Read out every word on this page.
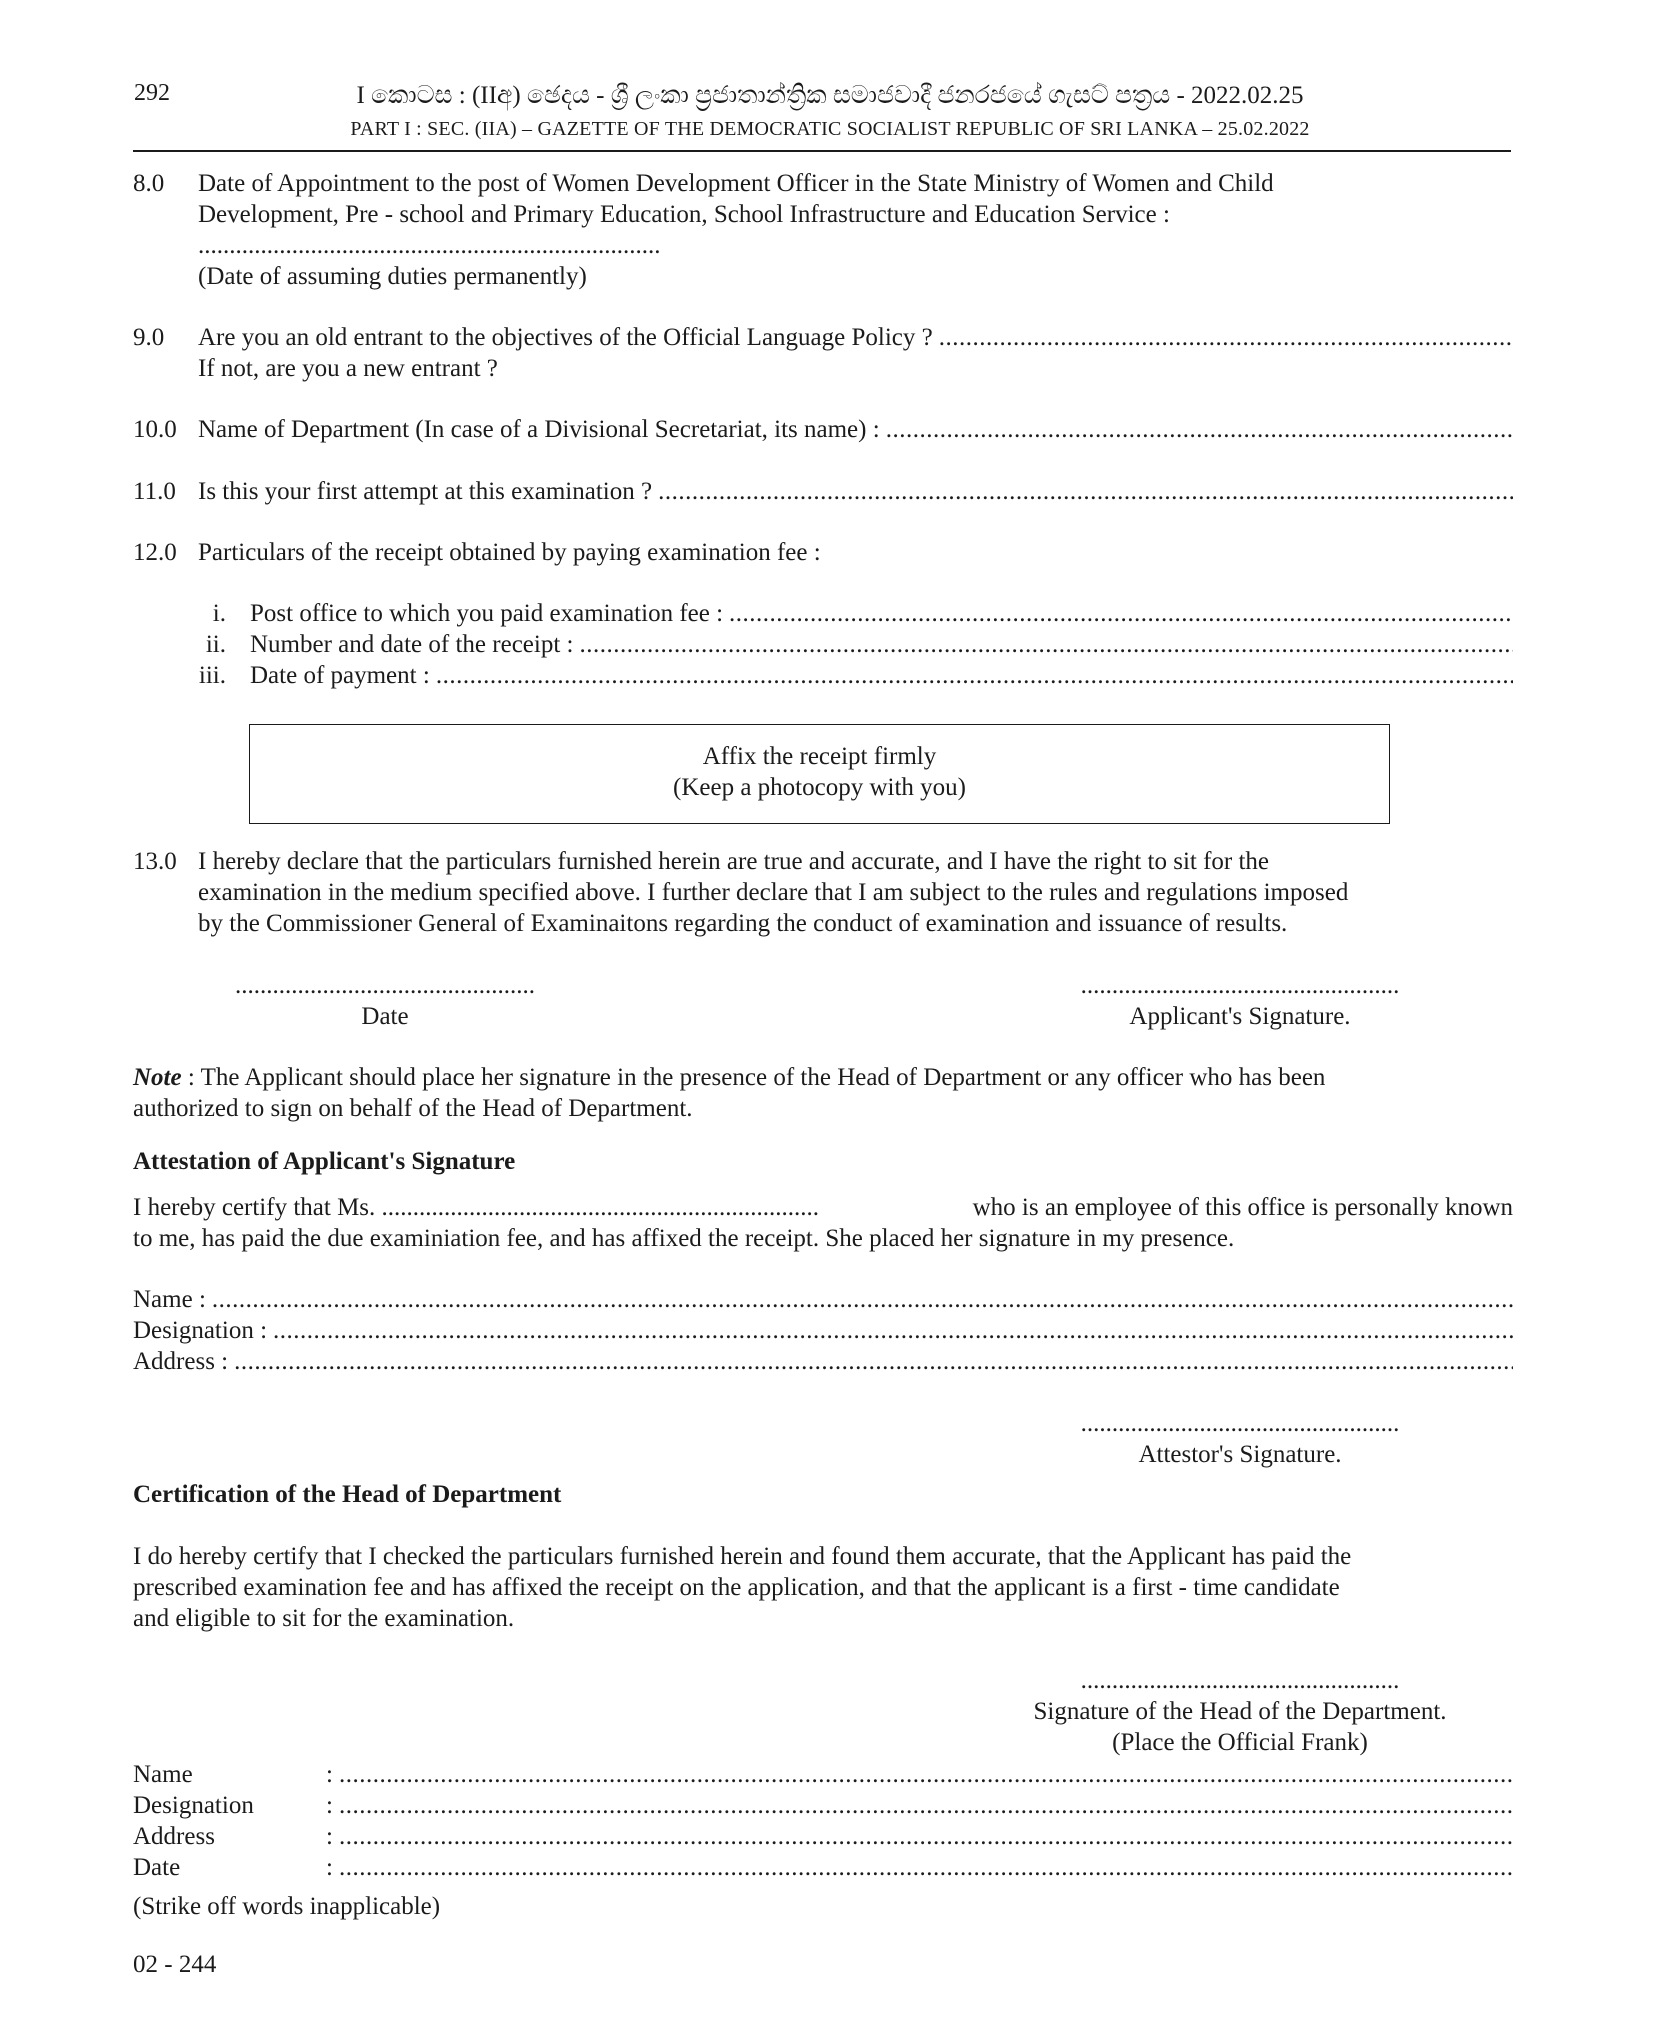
292	I කොටස : (IIඅ) ඡෙදය - ශ්‍රී ලංකා ප්‍රජාතාන්ත්‍රික සමාජවාදී ජනරජයේ ගැසට් පත්‍රය - 2022.02.25
PART I : SEC. (IIA) – GAZETTE OF THE DEMOCRATIC SOCIALIST REPUBLIC OF SRI LANKA – 25.02.2022
8.0 Date of Appointment to the post of Women Development Officer in the State Ministry of Women and Child
Development, Pre - school and Primary Education, School Infrastructure and Education Service :
..........................................................................
(Date of assuming duties permanently)
9.0 Are you an old entrant to the objectives of the Official Language Policy ?
.....
If not, are you a new entrant ?
10.0 Name of Department (In case of a Divisional Secretariat, its name) :
.....
11.0 Is this your first attempt at this examination ?
.....
12.0 Particulars of the receipt obtained by paying examination fee :
i. Post office to which you paid examination fee :
.....
ii. Number and date of the receipt :
.....
iii. Date of payment :
.....
Affix the receipt firmly
(Keep a photocopy with you)
13.0 I hereby declare that the particulars furnished herein are true and accurate, and I have the right to sit for the
examination in the medium specified above. I further declare that I am subject to the rules and regulations imposed
by the Commissioner General of Examinaitons regarding the conduct of examination and issuance of results.
................................................
Date
...................................................
Applicant's Signature.
Note : The Applicant should place her signature in the presence of the Head of Department or any officer who has been
authorized to sign on behalf of the Head of Department.
Attestation of Applicant's Signature
I hereby certify that Ms. ......................................................................	who is an employee of this office is personally known
to me, has paid the due examiniation fee, and has affixed the receipt. She placed her signature in my presence.
Name :
.....
Designation :
.....
Address :
.....
...................................................
Attestor's Signature.
Certification of the Head of Department
I do hereby certify that I checked the particulars furnished herein and found them accurate, that the Applicant has paid the
prescribed examination fee and has affixed the receipt on the application, and that the applicant is a first - time candidate
and eligible to sit for the examination.
...................................................
Signature of the Head of the Department.
(Place the Official Frank)
Name	:
.....
Designation	:
.....
Address	:
.....
Date	:
.....
(Strike off words inapplicable)
02 - 244
